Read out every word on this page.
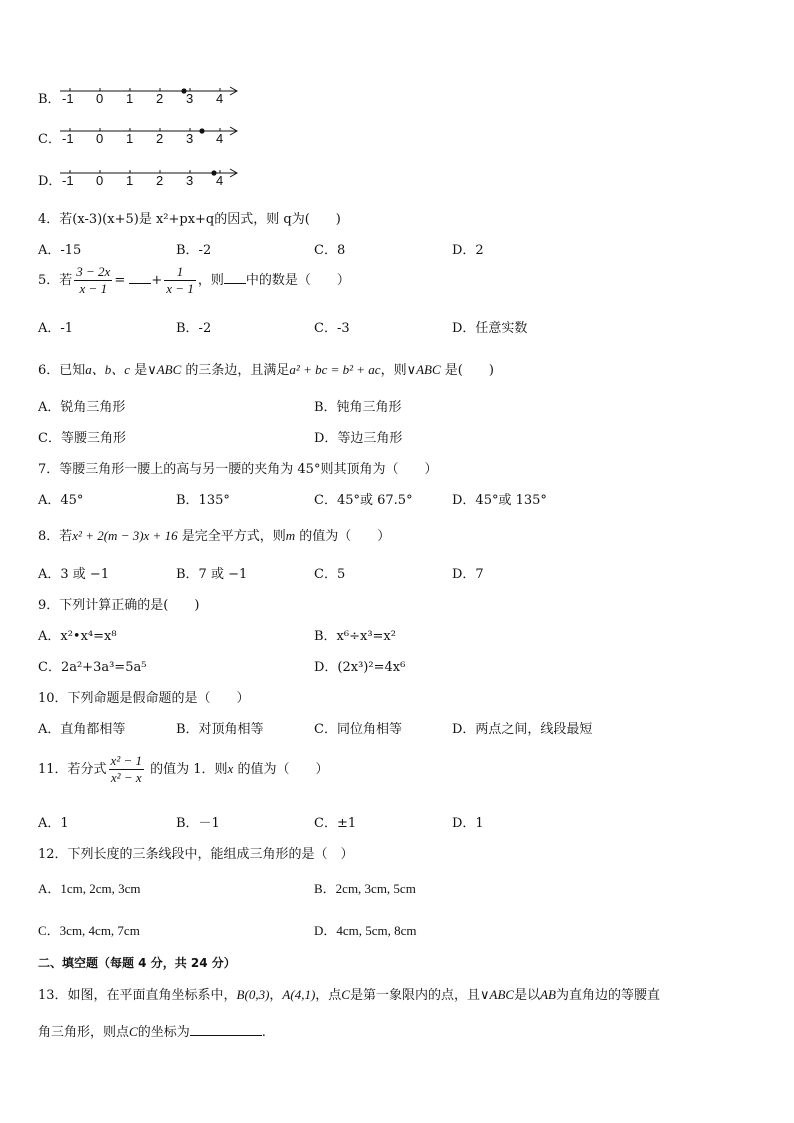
B． -1 0 1 2 3 4
C． -1 0 1 2 3 4
D． -1 0 1 2 3 4
4．若(x-3)(x+5)是 x²+px+q的因式，则 q为(　　)
A．-15	B．-2	C．8	D．2
5．若 $\frac{3 - 2x}{x - 1}$ = + $\frac{1}{x - 1}$ ，则 中的数是（　　）
A．-1	B．-2	C．-3	D．任意实数
6．已知a、b、c 是∨ABC 的三条边，且满足a² + bc = b² + ac，则∨ABC 是(　　)
A．锐角三角形	B．钝角三角形
C．等腰三角形	D．等边三角形
7．等腰三角形一腰上的高与另一腰的夹角为 45°则其顶角为（　　）
A．45°	B．135°	C．45°或 67.5°	D．45°或 135°
8．若x² + 2(m − 3)x + 16 是完全平方式，则m 的值为（　　）
A．3 或 −1	B．7 或 −1	C．5	D．7
9．下列计算正确的是(　　)
A．x²•x⁴=x⁸	B．x⁶÷x³=x²
C．2a²+3a³=5a⁵	D．(2x³)²=4x⁶
10．下列命题是假命题的是（　　）
A．直角都相等	B．对顶角相等	C．同位角相等	D．两点之间，线段最短
11．若分式 $\frac{\text{x² − 1}}{\text{x² − x}}$ 的值为 1．则x 的值为（　　）
A．1	B．－1	C．±1	D．1
12．下列长度的三条线段中，能组成三角形的是（　）
A．1cm, 2cm, 3cm	B．2cm, 3cm, 5cm
C．3cm, 4cm, 7cm	D．4cm, 5cm, 8cm
二、填空题（每题 4 分，共 24 分）
13．如图，在平面直角坐标系中，B(0,3)，A(4,1)，点C是第一象限内的点，且∨ABC是以AB为直角边的等腰直
角三角形，则点C的坐标为	.
